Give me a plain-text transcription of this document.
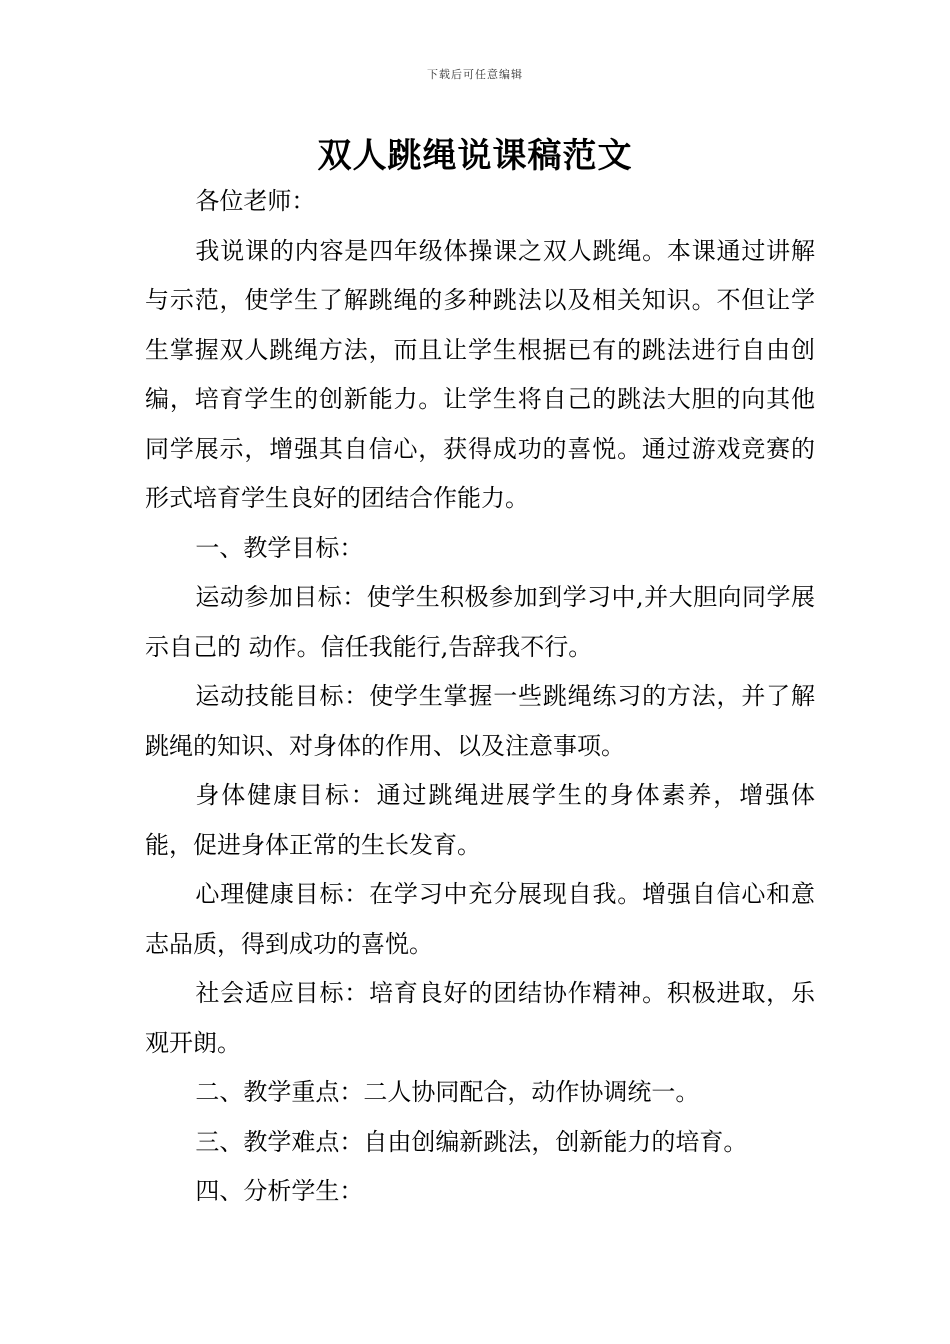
下载后可任意编辑
双人跳绳说课稿范文

各位老师：

我说课的内容是四年级体操课之双人跳绳。本课通过讲解与示范，使学生了解跳绳的多种跳法以及相关知识。不但让学生掌握双人跳绳方法，而且让学生根据已有的跳法进行自由创编，培育学生的创新能力。让学生将自己的跳法大胆的向其他同学展示，增强其自信心，获得成功的喜悦。通过游戏竞赛的形式培育学生良好的团结合作能力。

一、教学目标：

运动参加目标：使学生积极参加到学习中,并大胆向同学展示自己的 动作。信任我能行,告辞我不行。

运动技能目标：使学生掌握一些跳绳练习的方法，并了解跳绳的知识、对身体的作用、以及注意事项。

身体健康目标：通过跳绳进展学生的身体素养，增强体能，促进身体正常的生长发育。

心理健康目标：在学习中充分展现自我。增强自信心和意志品质，得到成功的喜悦。

社会适应目标：培育良好的团结协作精神。积极进取，乐观开朗。

二、教学重点：二人协同配合，动作协调统一。

三、教学难点：自由创编新跳法，创新能力的培育。

四、分析学生：
